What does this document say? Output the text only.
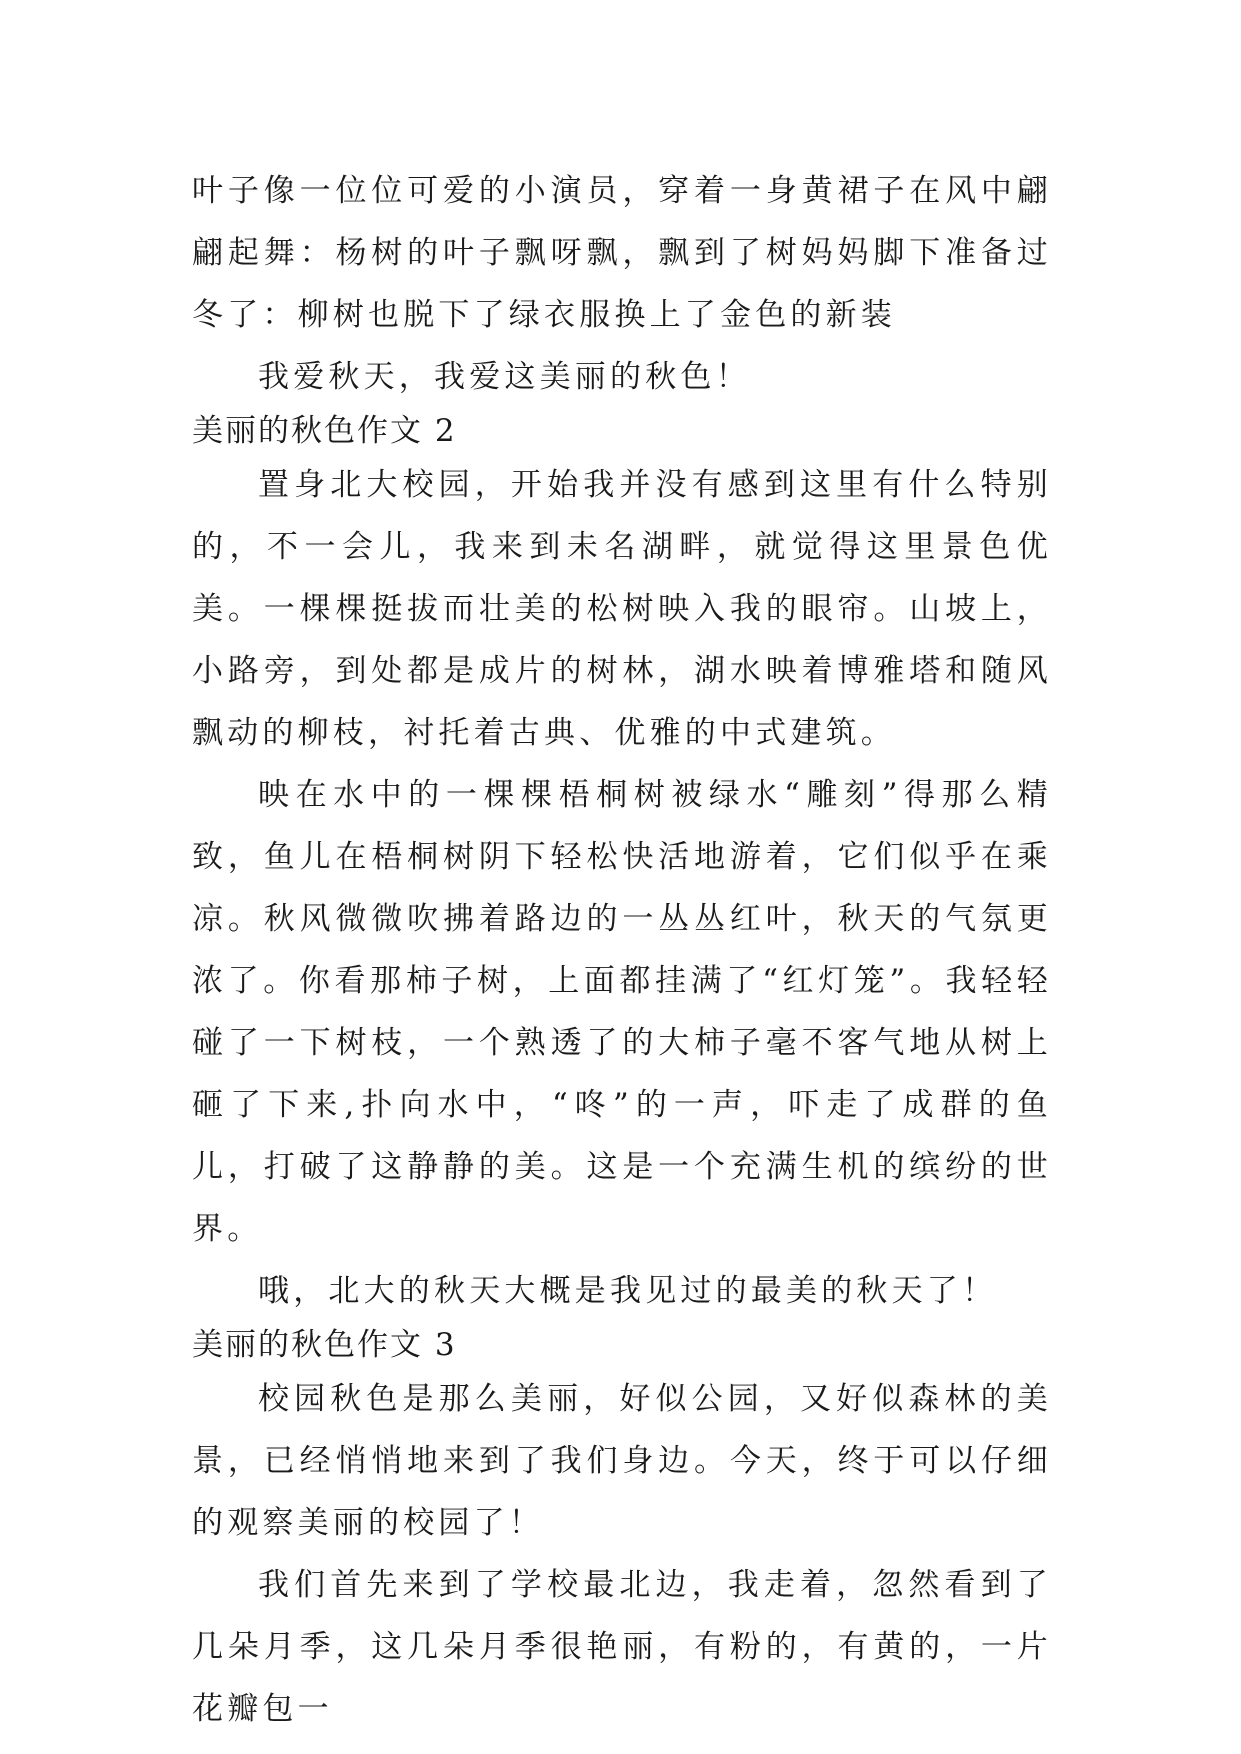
叶子像一位位可爱的小演员，穿着一身黄裙子在风中翩翩起舞：杨树的叶子飘呀飘，飘到了树妈妈脚下准备过冬了：柳树也脱下了绿衣服换上了金色的新装

我爱秋天，我爱这美丽的秋色！

美丽的秋色作文 2

置身北大校园，开始我并没有感到这里有什么特别的，不一会儿，我来到未名湖畔，就觉得这里景色优美。一棵棵挺拔而壮美的松树映入我的眼帘。山坡上，小路旁，到处都是成片的树林，湖水映着博雅塔和随风飘动的柳枝，衬托着古典、优雅的中式建筑。

映在水中的一棵棵梧桐树被绿水“雕刻”得那么精致，鱼儿在梧桐树阴下轻松快活地游着，它们似乎在乘凉。秋风微微吹拂着路边的一丛丛红叶，秋天的气氛更浓了。你看那柿子树，上面都挂满了“红灯笼”。我轻轻碰了一下树枝，一个熟透了的大柿子毫不客气地从树上砸了下来,扑向水中，“咚”的一声，吓走了成群的鱼儿，打破了这静静的美。这是一个充满生机的缤纷的世界。

哦，北大的秋天大概是我见过的最美的秋天了！

美丽的秋色作文 3

校园秋色是那么美丽，好似公园，又好似森林的美景，已经悄悄地来到了我们身边。今天，终于可以仔细的观察美丽的校园了！

我们首先来到了学校最北边，我走着，忽然看到了几朵月季，这几朵月季很艳丽，有粉的，有黄的，一片花瓣包一
